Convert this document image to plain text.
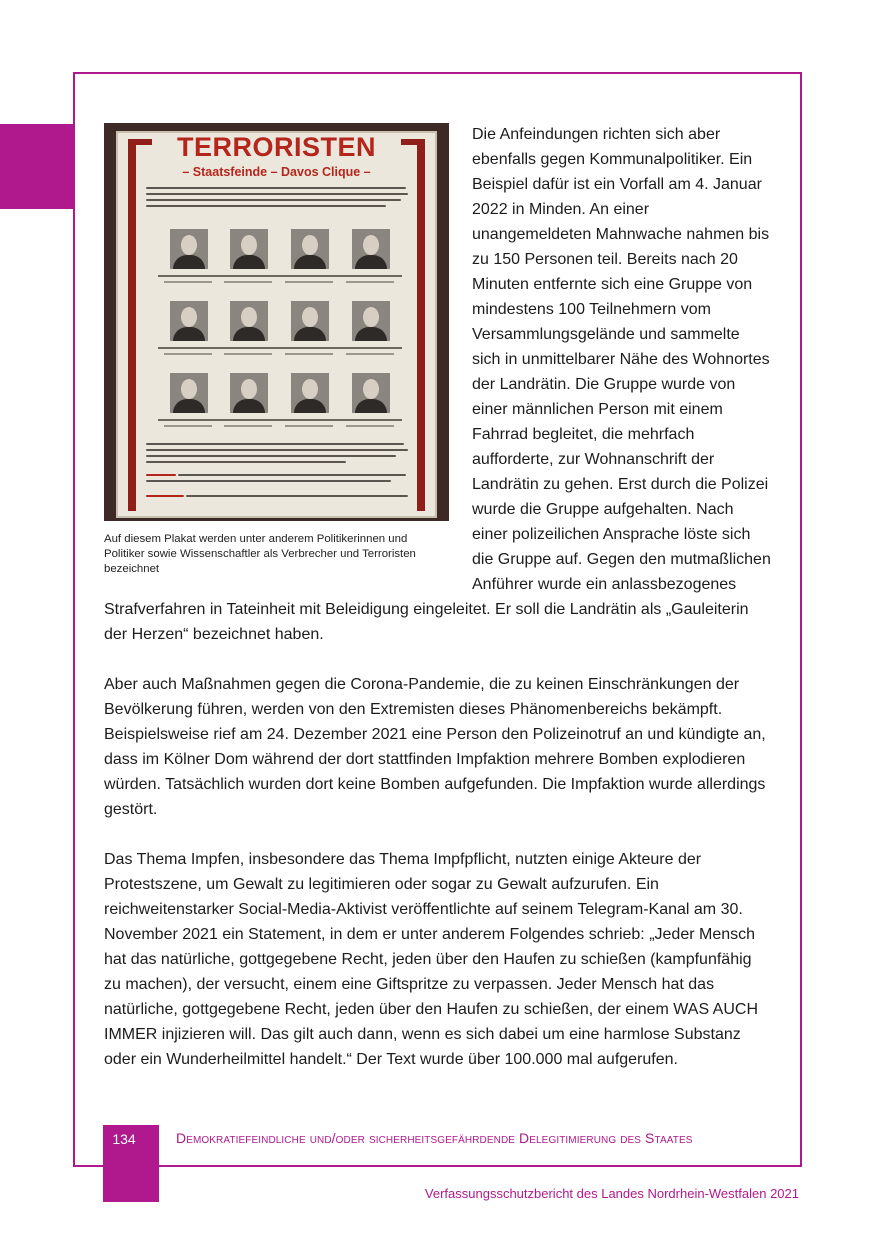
TERRORISTEN
– Staatsfeinde – Davos Clique –
Auf diesem Plakat werden unter anderem Politikerinnen und Politiker sowie Wissenschaftler als Verbrecher und Terroristen bezeichnet

Die Anfeindungen richten sich aber ebenfalls gegen Kommunalpolitiker. Ein Beispiel dafür ist ein Vorfall am 4. Januar 2022 in Minden. An einer unangemeldeten Mahnwache nahmen bis zu 150 Personen teil. Bereits nach 20 Minuten entfernte sich eine Gruppe von mindestens 100 Teilnehmern vom Versammlungsgelände und sammelte sich in unmittelbarer Nähe des Wohnortes der Landrätin. Die Gruppe wurde von einer männlichen Person mit einem Fahrrad begleitet, die mehrfach aufforderte, zur Wohnanschrift der Landrätin zu gehen. Erst durch die Polizei wurde die Gruppe aufgehalten. Nach einer polizeilichen Ansprache löste sich die Gruppe auf. Gegen den mutmaßlichen Anführer wurde ein anlassbezogenes Strafverfahren in Tateinheit mit Beleidigung eingeleitet. Er soll die Landrätin als „Gauleiterin der Herzen“ bezeichnet haben.

Aber auch Maßnahmen gegen die Corona-Pandemie, die zu keinen Einschränkungen der Bevölkerung führen, werden von den Extremisten dieses Phänomenbereichs bekämpft. Beispielsweise rief am 24. Dezember 2021 eine Person den Polizeinotruf an und kündigte an, dass im Kölner Dom während der dort stattfinden Impfaktion mehrere Bomben explodieren würden. Tatsächlich wurden dort keine Bomben aufgefunden. Die Impfaktion wurde allerdings gestört.

Das Thema Impfen, insbesondere das Thema Impfpflicht, nutzten einige Akteure der Protestszene, um Gewalt zu legitimieren oder sogar zu Gewalt aufzurufen. Ein reichweitenstarker Social-Media-Aktivist veröffentlichte auf seinem Telegram-Kanal am 30. November 2021 ein Statement, in dem er unter anderem Folgendes schrieb: „Jeder Mensch hat das natürliche, gottgegebene Recht, jeden über den Haufen zu schießen (kampfunfähig zu machen), der versucht, einem eine Giftspritze zu verpassen. Jeder Mensch hat das natürliche, gottgegebene Recht, jeden über den Haufen zu schießen, der einem WAS AUCH IMMER injizieren will. Das gilt auch dann, wenn es sich dabei um eine harmlose Substanz oder ein Wunderheilmittel handelt.“ Der Text wurde über 100.000 mal aufgerufen.

134	Demokratiefeindliche und/oder sicherheitsgefährdende Delegitimierung des Staates
Verfassungsschutzbericht des Landes Nordrhein-Westfalen 2021
